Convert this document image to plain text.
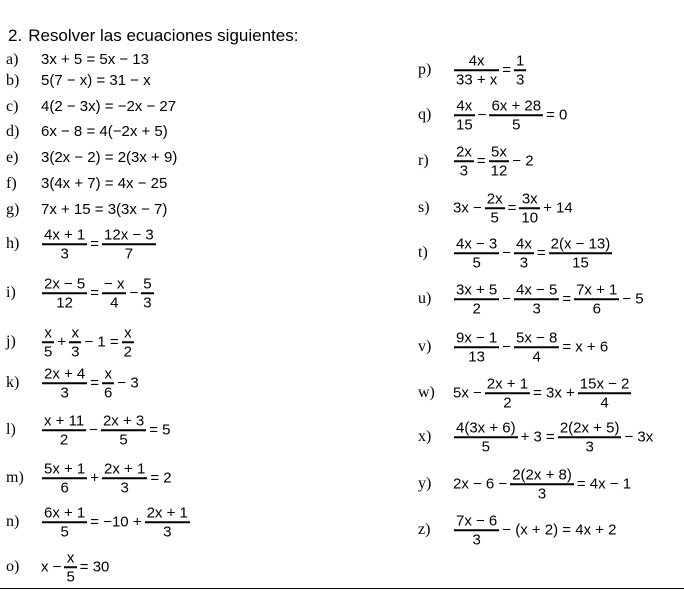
2. Resolver las ecuaciones siguientes:
a) 3x + 5 = 5x − 13
b) 5(7 − x) = 31 − x
c) 4(2 − 3x) = −2x − 27
d) 6x − 8 = 4(−2x + 5)
e) 3(2x − 2) = 2(3x + 9)
f) 3(4x + 7) = 4x − 25
g) 7x + 15 = 3(3x − 7)
$h) \frac{4x + 1}{3} = \frac{12x - 3}{7}$
$i) \frac{2x - 5}{12} = \frac{- x}{4} - \frac{5}{3}$
$j) \frac{x}{5} + \frac{x}{3} - 1 = \frac{x}{2}$
$k) \frac{2x + 4}{3} = \frac{x}{6} - 3$
$l) \frac{x + 11}{2} - \frac{2x + 3}{5} = 5$
$m) \frac{5x + 1}{6} + \frac{2x + 1}{3} = 2$
$n) \frac{6x + 1}{5} = -10 + \frac{2x + 1}{3}$
o) $x - \frac{x}{5} = 30$
$p) \frac{4x}{33 + x} = \frac{1}{3}$
$q) \frac{4x}{15} - \frac{6x + 28}{5} = 0$
$r) \frac{2x}{3} = \frac{5x}{12} - 2$
s) $3x - \frac{2x}{5} = \frac{3x}{10} + 14$
$t) \frac{4x - 3}{5} - \frac{4x}{3} = \frac{2(x - 13)}{15}$
$u) \frac{3x + 5}{2} - \frac{4x - 5}{3} = \frac{7x + 1}{6} - 5$
$v) \frac{9x - 1}{13} - \frac{5x - 8}{4} = x + 6$
w) $5x - \frac{2x + 1}{2} = 3x + \frac{15x - 2}{4}$
$x) \frac{4(3x + 6)}{5} + 3 = \frac{2(2x + 5)}{3} - 3x$
y) $2x - 6 - \frac{2(2x + 8)}{3} = 4x - 1$
$z) \frac{7x - 6}{3} - (x + 2) = 4x + 2$
